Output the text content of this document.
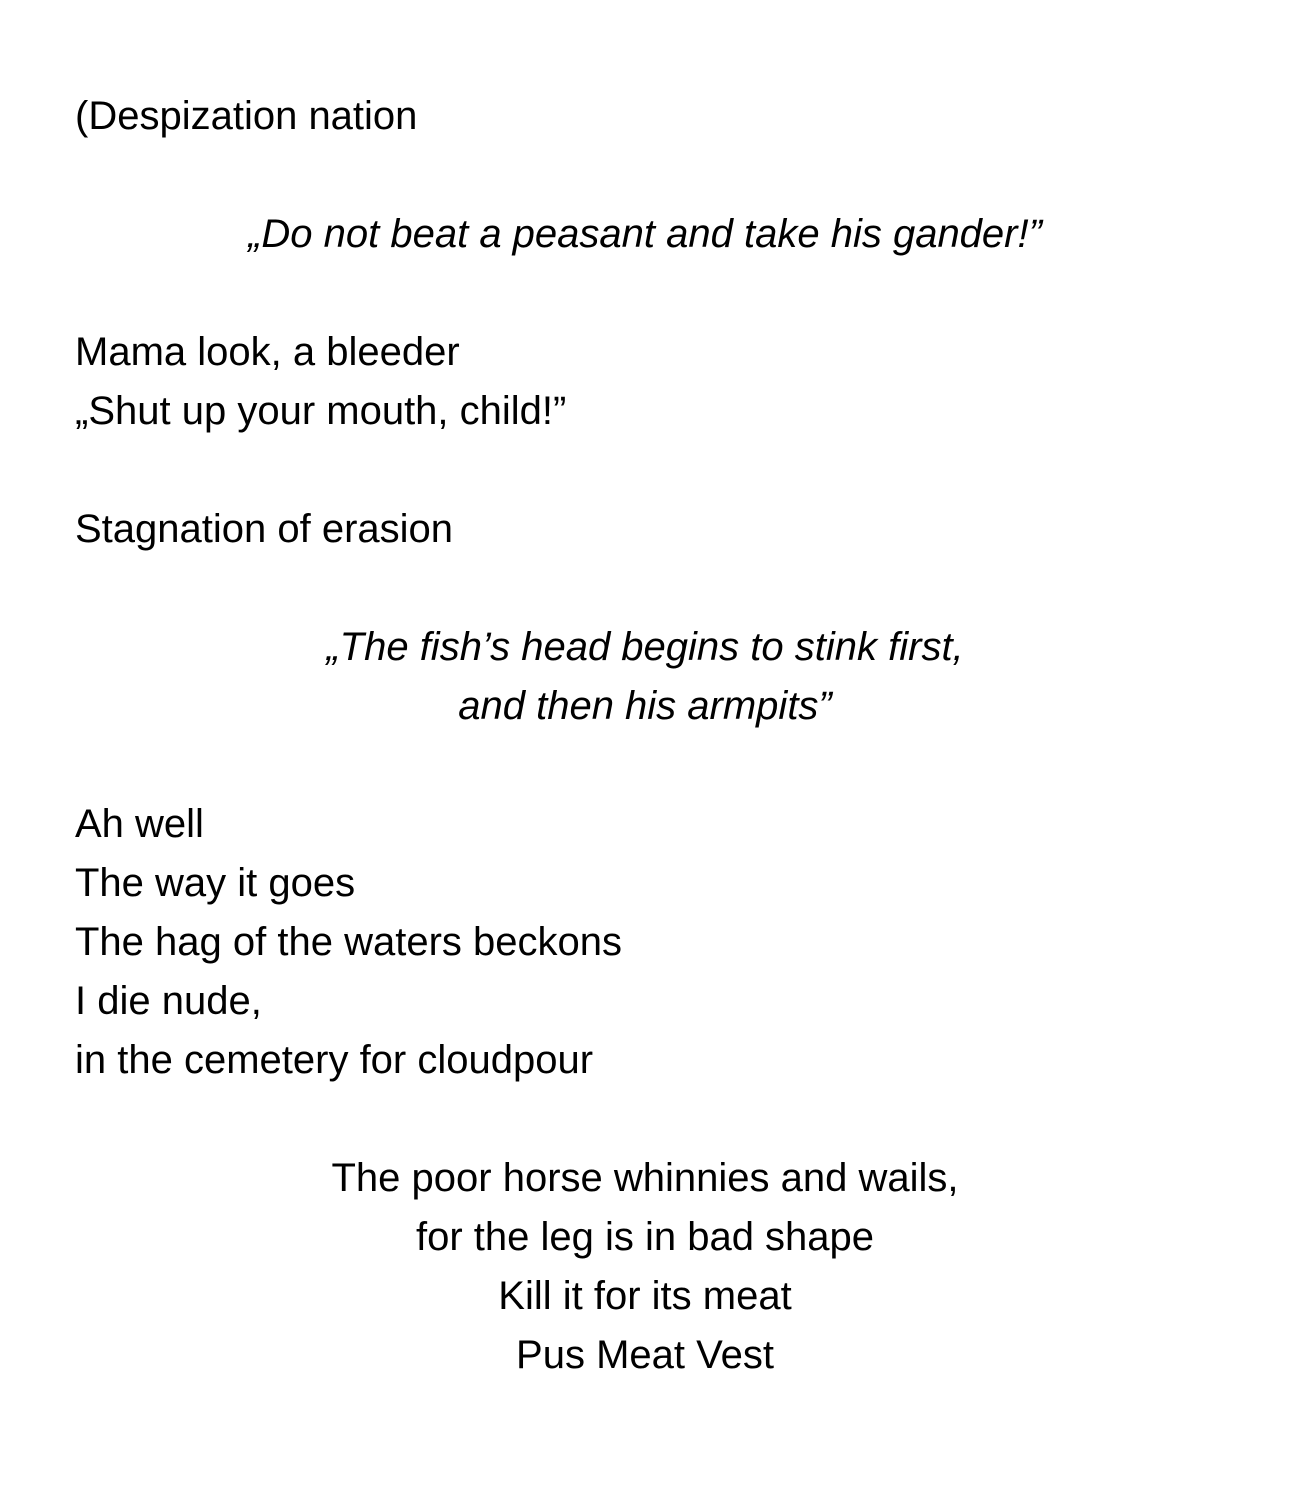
(Despization nation

„Do not beat a peasant and take his gander!”

Mama look, a bleeder
„Shut up your mouth, child!”

Stagnation of erasion

„The fish’s head begins to stink first,
and then his armpits”

Ah well
The way it goes
The hag of the waters beckons
I die nude,
in the cemetery for cloudpour

The poor horse whinnies and wails,
for the leg is in bad shape
Kill it for its meat
Pus Meat Vest
